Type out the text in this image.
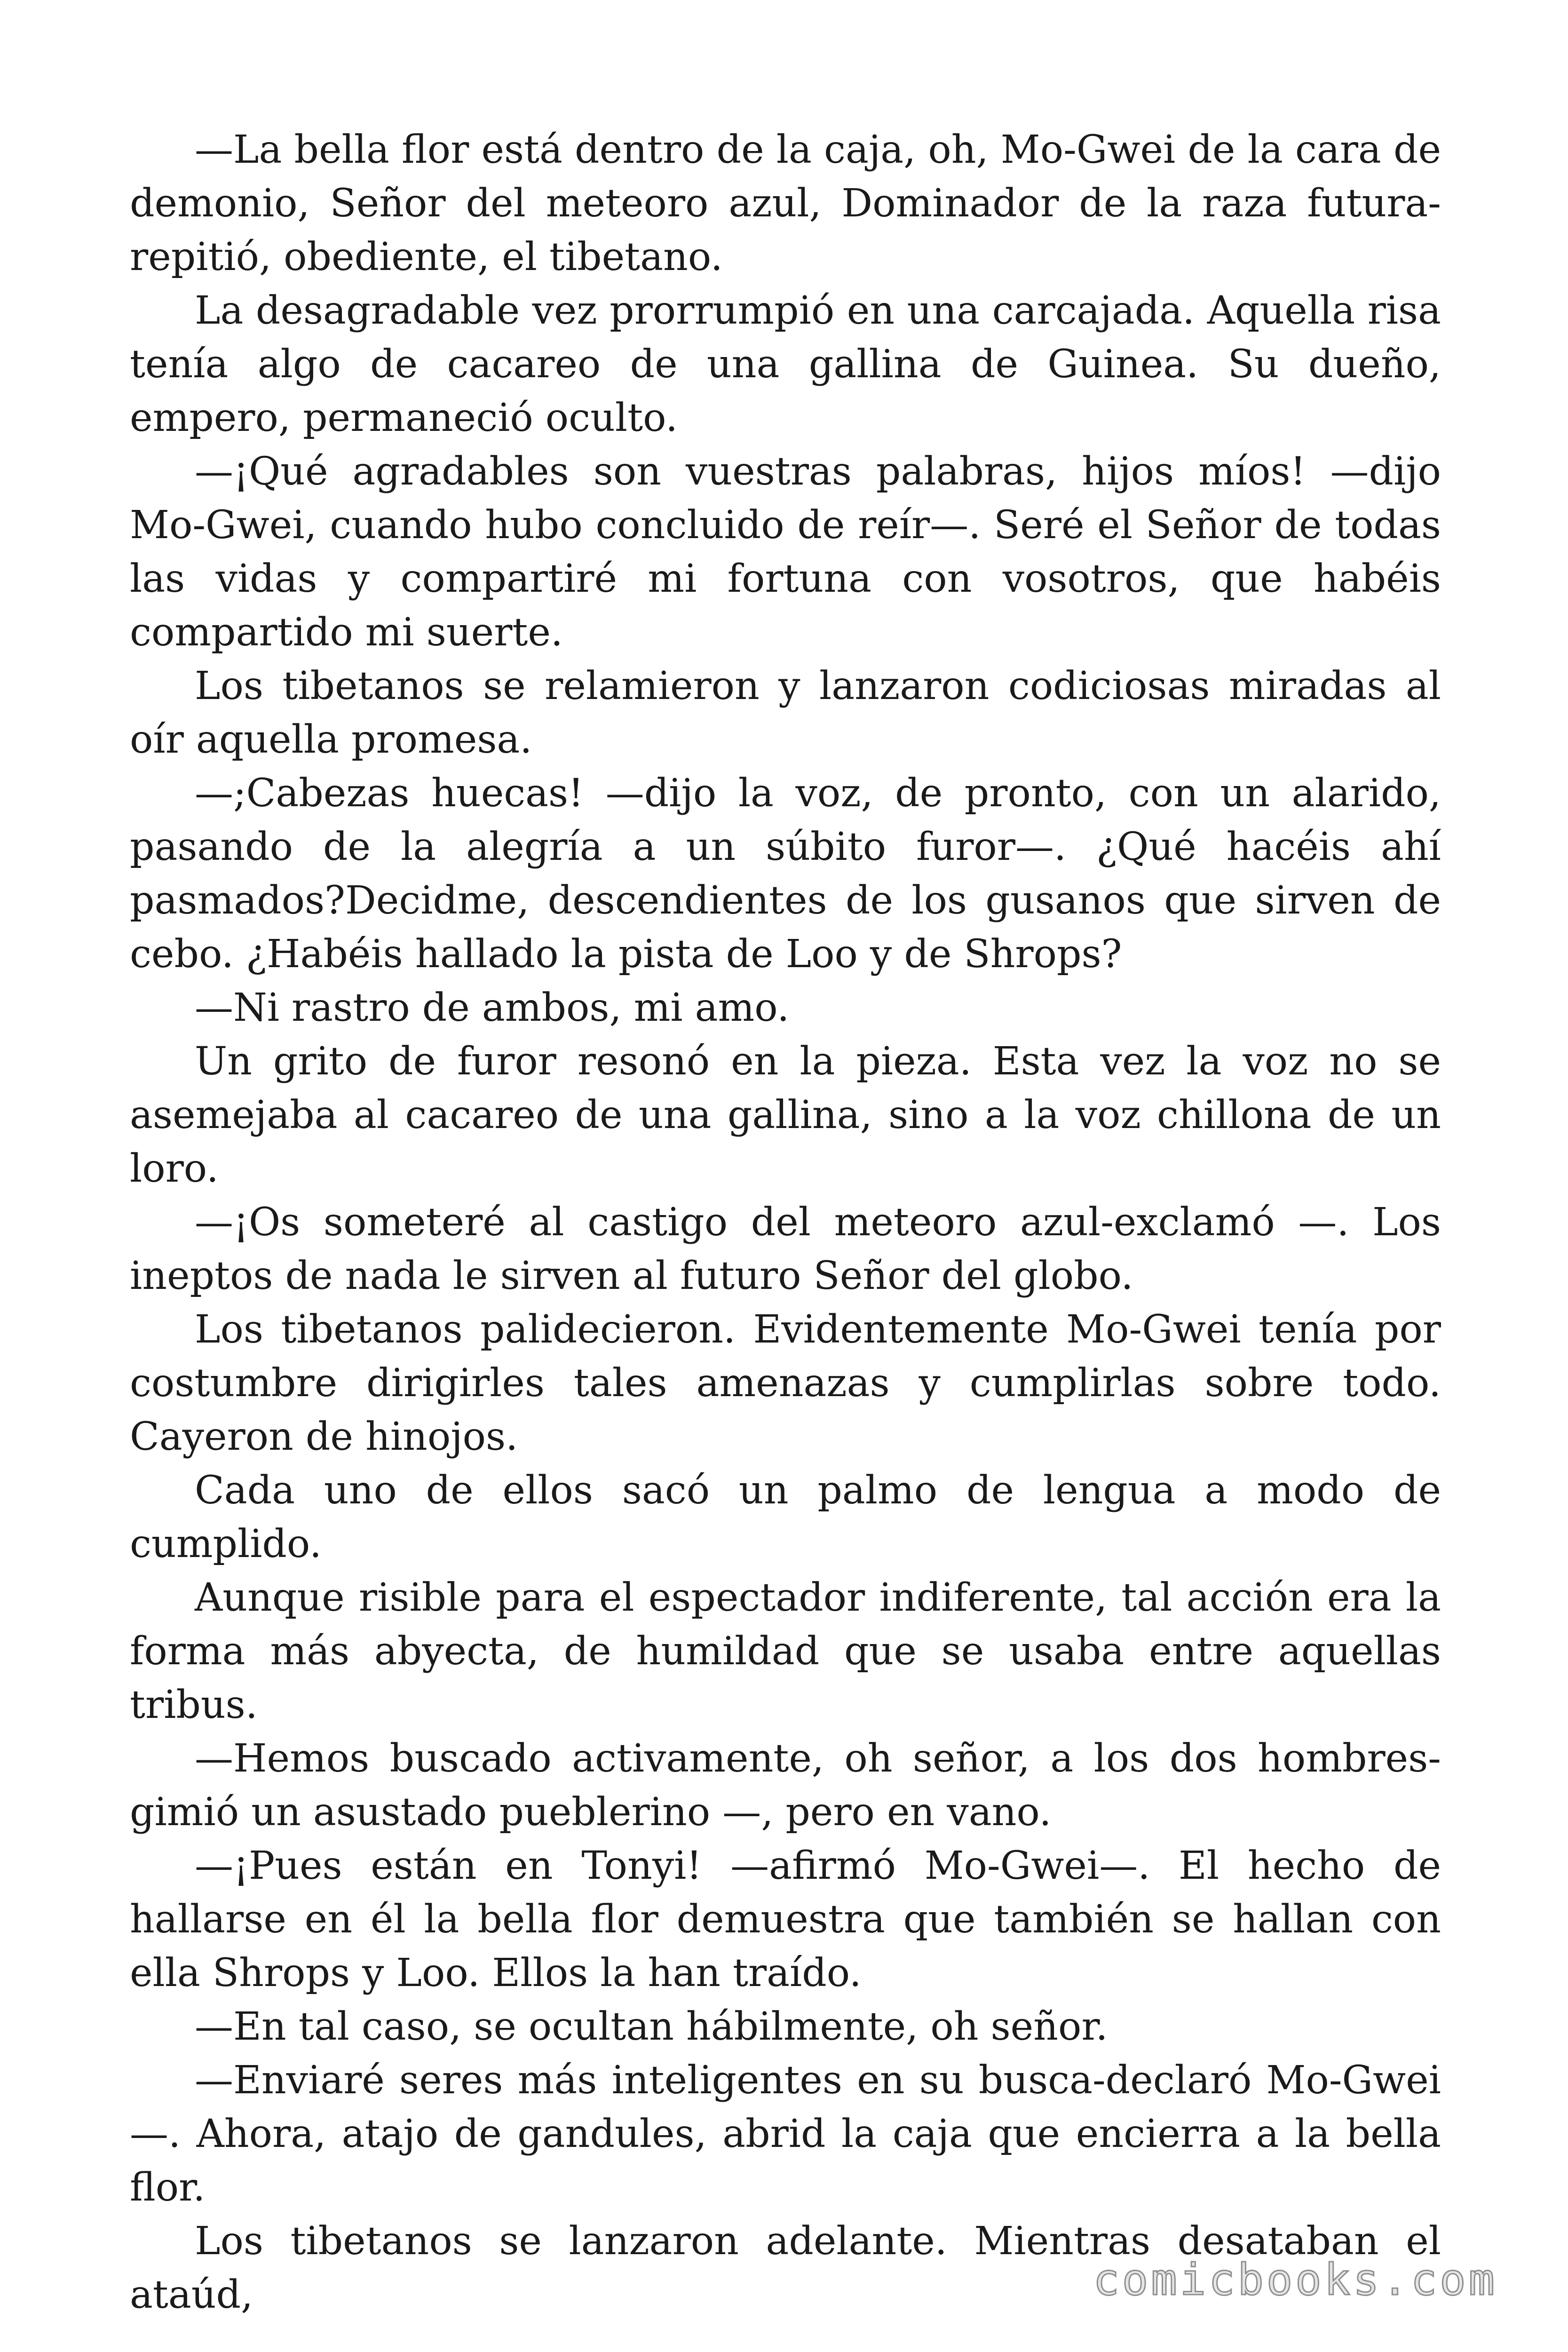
—La bella flor está dentro de la caja, oh, Mo-Gwei de la cara de demonio, Señor del meteoro azul, Dominador de la raza futura-repitió, obediente, el tibetano.

La desagradable vez prorrumpió en una carcajada. Aquella risa tenía algo de cacareo de una gallina de Guinea. Su dueño, empero, permaneció oculto.

—¡Qué agradables son vuestras palabras, hijos míos! —dijo Mo-Gwei, cuando hubo concluido de reír—. Seré el Señor de todas las vidas y compartiré mi fortuna con vosotros, que habéis compartido mi suerte.

Los tibetanos se relamieron y lanzaron codiciosas miradas al oír aquella promesa.

—;Cabezas huecas! —dijo la voz, de pronto, con un alarido, pasando de la alegría a un súbito furor—. ¿Qué hacéis ahí pasmados?Decidme, descendientes de los gusanos que sirven de cebo. ¿Habéis hallado la pista de Loo y de Shrops?

—Ni rastro de ambos, mi amo.

Un grito de furor resonó en la pieza. Esta vez la voz no se asemejaba al cacareo de una gallina, sino a la voz chillona de un loro.

—¡Os someteré al castigo del meteoro azul-exclamó —. Los ineptos de nada le sirven al futuro Señor del globo.

Los tibetanos palidecieron. Evidentemente Mo-Gwei tenía por costumbre dirigirles tales amenazas y cumplirlas sobre todo. Cayeron de hinojos.

Cada uno de ellos sacó un palmo de lengua a modo de cumplido.

Aunque risible para el espectador indiferente, tal acción era la forma más abyecta, de humildad que se usaba entre aquellas tribus.

—Hemos buscado activamente, oh señor, a los dos hombres-gimió un asustado pueblerino —, pero en vano.

—¡Pues están en Tonyi! —afirmó Mo-Gwei—. El hecho de hallarse en él la bella flor demuestra que también se hallan con ella Shrops y Loo. Ellos la han traído.

—En tal caso, se ocultan hábilmente, oh señor.

—Enviaré seres más inteligentes en su busca-declaró Mo-Gwei —. Ahora, atajo de gandules, abrid la caja que encierra a la bella flor.

Los tibetanos se lanzaron adelante. Mientras desataban el ataúd,	comicbooks.com
